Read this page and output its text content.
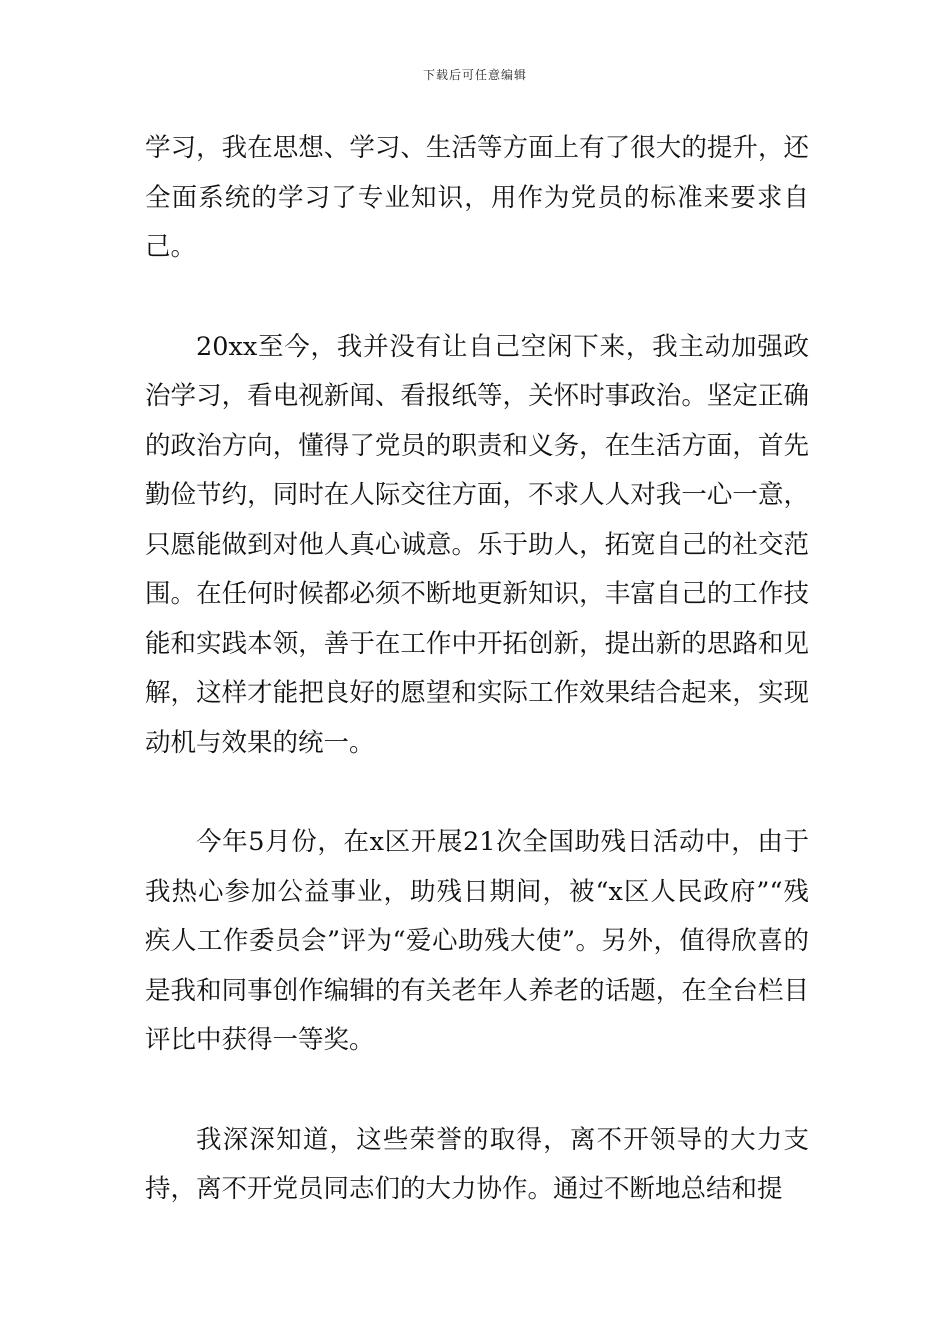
下载后可任意编辑

学习，我在思想、学习、生活等方面上有了很大的提升，还全面系统的学习了专业知识，用作为党员的标准来要求自己。

20xx至今，我并没有让自己空闲下来，我主动加强政治学习，看电视新闻、看报纸等，关怀时事政治。坚定正确的政治方向，懂得了党员的职责和义务，在生活方面，首先勤俭节约，同时在人际交往方面，不求人人对我一心一意，只愿能做到对他人真心诚意。乐于助人，拓宽自己的社交范围。在任何时候都必须不断地更新知识，丰富自己的工作技能和实践本领，善于在工作中开拓创新，提出新的思路和见解，这样才能把良好的愿望和实际工作效果结合起来，实现动机与效果的统一。

今年5月份，在x区开展21次全国助残日活动中，由于我热心参加公益事业，助残日期间，被“x区人民政府”“残疾人工作委员会”评为“爱心助残大使”。另外，值得欣喜的是我和同事创作编辑的有关老年人养老的话题，在全台栏目评比中获得一等奖。

我深深知道，这些荣誉的取得，离不开领导的大力支持，离不开党员同志们的大力协作。通过不断地总结和提
